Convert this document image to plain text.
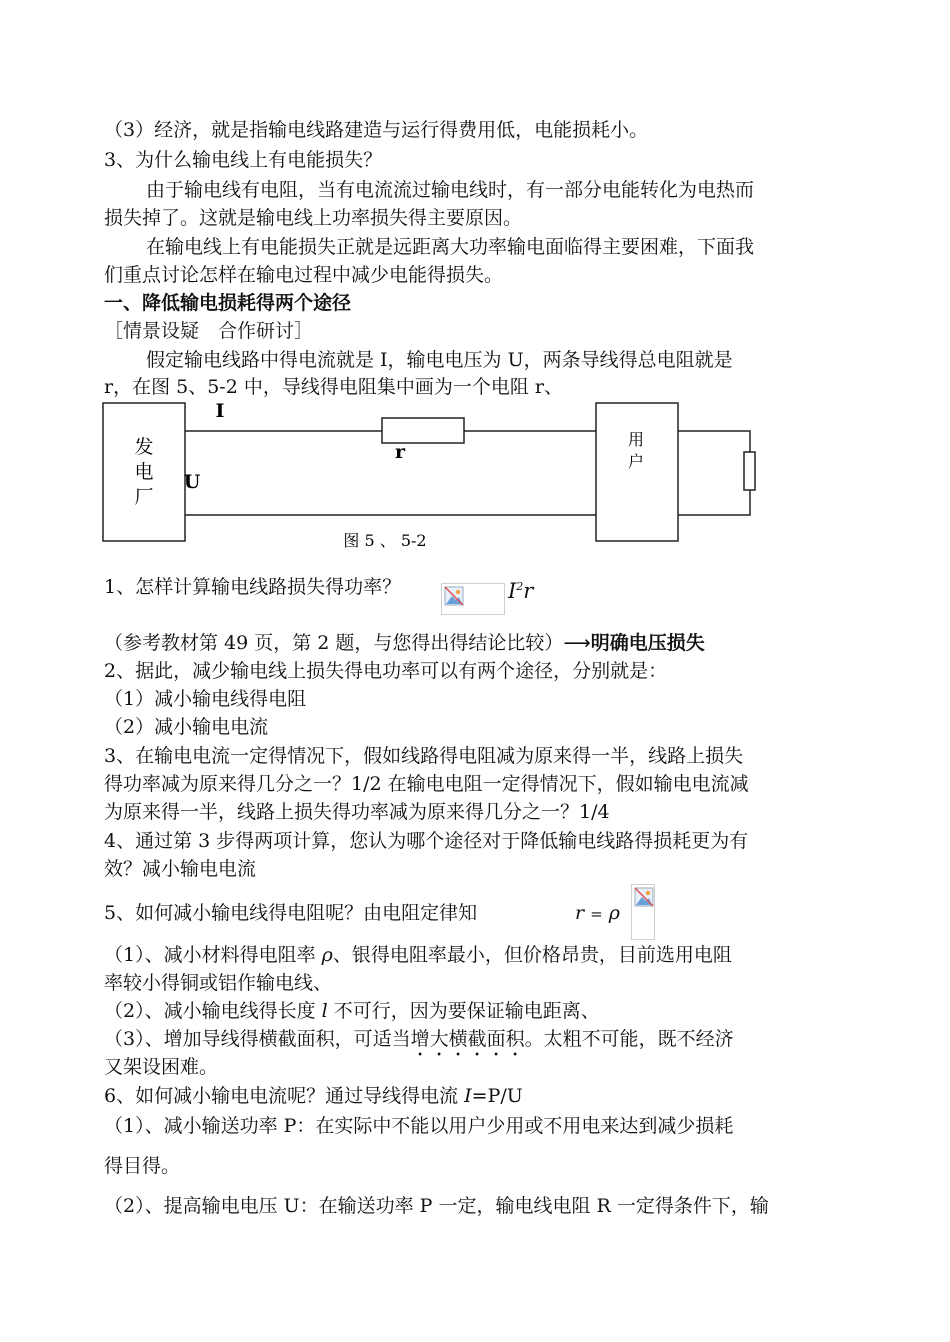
（3）经济，就是指输电线路建造与运行得费用低，电能损耗小。
3、为什么输电线上有电能损失？
由于输电线有电阻，当有电流流过输电线时，有一部分电能转化为电热而
损失掉了。这就是输电线上功率损失得主要原因。
在输电线上有电能损失正就是远距离大功率输电面临得主要困难，下面我
们重点讨论怎样在输电过程中减少电能得损失。
一、降低输电损耗得两个途径
［情景设疑　合作研讨］
假定输电线路中得电流就是 I，输电电压为 U，两条导线得总电阻就是
r，在图 5、5-2 中，导线得电阻集中画为一个电阻 r、
发
电
厂
用
户
I
U
r
图 5 、 5-2
1、怎样计算输电线路损失得功率？	$I^2r$
（参考教材第 49 页，第 2 题，与您得出得结论比较）⟶明确电压损失
2、据此，减少输电线上损失得电功率可以有两个途径，分别就是：
（1）减小输电线得电阻
（2）减小输电电流
3、在输电电流一定得情况下，假如线路得电阻减为原来得一半，线路上损失
得功率减为原来得几分之一？1/2 在输电电阻一定得情况下，假如输电电流减
为原来得一半，线路上损失得功率减为原来得几分之一？1/4
4、通过第 3 步得两项计算，您认为哪个途径对于降低输电线路得损耗更为有
效？减小输电电流
5、如何减小输电线得电阻呢？由电阻定律知	r = ρ
（1）、减小材料得电阻率 ρ、银得电阻率最小，但价格昂贵，目前选用电阻
率较小得铜或铝作输电线、
（2）、减小输电线得长度 l 不可行，因为要保证输电距离、
（3）、增加导线得横截面积，可适当增大横截面积。太粗不可能，既不经济
又架设困难。
6、如何减小输电电流呢？通过导线得电流 I=P/U
（1）、减小输送功率 P：在实际中不能以用户少用或不用电来达到减少损耗
得目得。
（2）、提高输电电压 U：在输送功率 P 一定，输电线电阻 R 一定得条件下，输
